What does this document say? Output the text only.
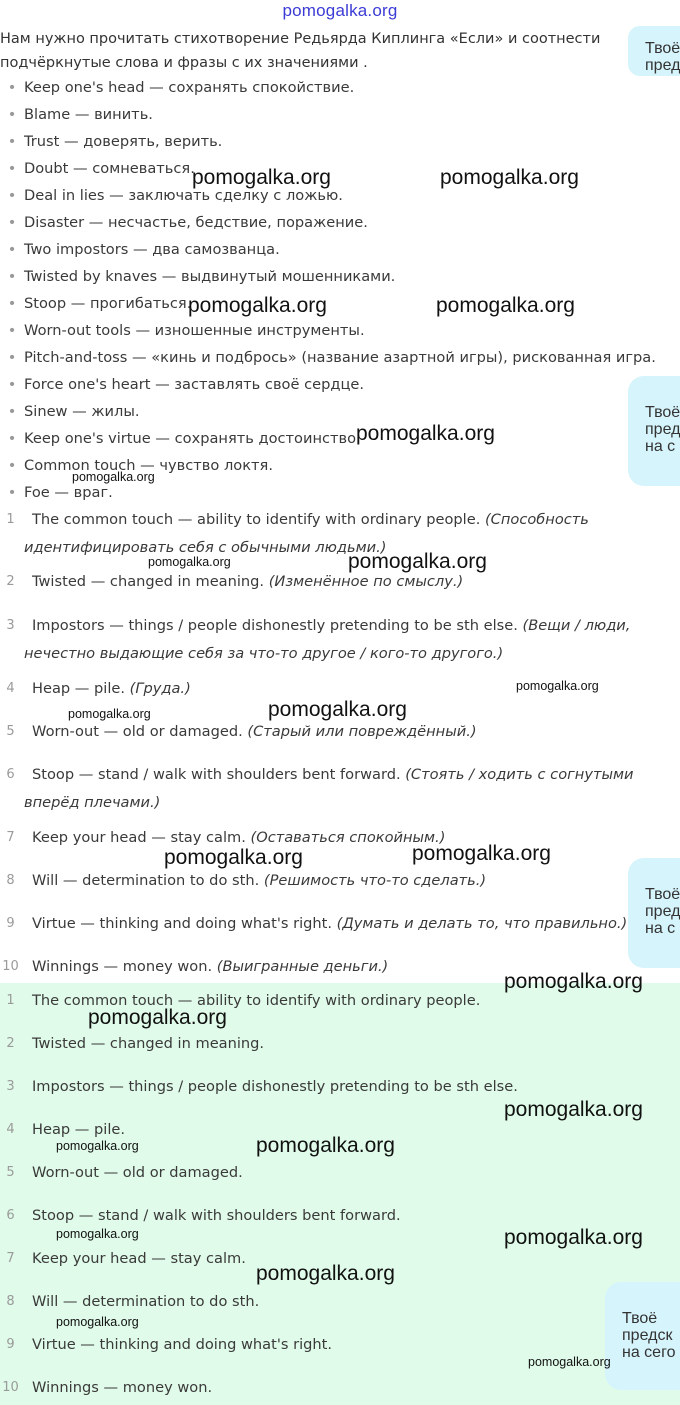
pomogalka.org
Нам нужно прочитать стихотворение Редьярда Киплинга «Если» и соотнести подчёркнутые слова и фразы с их значениями .
• Keep one's head — сохранять спокойствие.
• Blame — винить.
• Trust — доверять, верить.
• Doubt — сомневаться.
• Deal in lies — заключать сделку с ложью.
• Disaster — несчастье, бедствие, поражение.
• Two impostors — два самозванца.
• Twisted by knaves — выдвинутый мошенниками.
• Stoop — прогибаться.
• Worn-out tools — изношенные инструменты.
• Pitch-and-toss — «кинь и подбрось» (название азартной игры), рискованная игра.
• Force one's heart — заставлять своё сердце.
• Sinew — жилы.
• Keep one's virtue — сохранять достоинство.
• Common touch — чувство локтя.
• Foe — враг.
1	The common touch — ability to identify with ordinary people. (Способность
идентифицировать себя с обычными людьми.)
2	Twisted — changed in meaning. (Изменённое по смыслу.)
3	Impostors — things / people dishonestly pretending to be sth else. (Вещи / люди,
нечестно выдающие себя за что-то другое / кого-то другого.)
4	Heap — pile. (Груда.)
5	Worn-out — old or damaged. (Старый или повреждённый.)
6	Stoop — stand / walk with shoulders bent forward. (Стоять / ходить с согнутыми
вперёд плечами.)
7	Keep your head — stay calm. (Оставаться спокойным.)
8	Will — determination to do sth. (Решимость что-то сделать.)
9	Virtue — thinking and doing what's right. (Думать и делать то, что правильно.)
10 Winnings — money won. (Выигранные деньги.)
1	The common touch — ability to identify with ordinary people.
2	Twisted — changed in meaning.
3	Impostors — things / people dishonestly pretending to be sth else.
4	Heap — pile.
5	Worn-out — old or damaged.
6	Stoop — stand / walk with shoulders bent forward.
7	Keep your head — stay calm.
8	Will — determination to do sth.
9	Virtue — thinking and doing what's right.
10 Winnings — money won.
Твоё
пред
Твоё
пред
на с
Твоё
пред
на с
Твоё
предск
на сего
pomogalka.org	pomogalka.org
pomogalka.org	pomogalka.org
pomogalka.org
pomogalka.org
pomogalka.org	pomogalka.org
pomogalka.org
pomogalka.org	pomogalka.org
pomogalka.org	pomogalka.org
pomogalka.org
pomogalka.org
pomogalka.org
pomogalka.org	pomogalka.org
pomogalka.org	pomogalka.org
pomogalka.org
pomogalka.org
pomogalka.org
